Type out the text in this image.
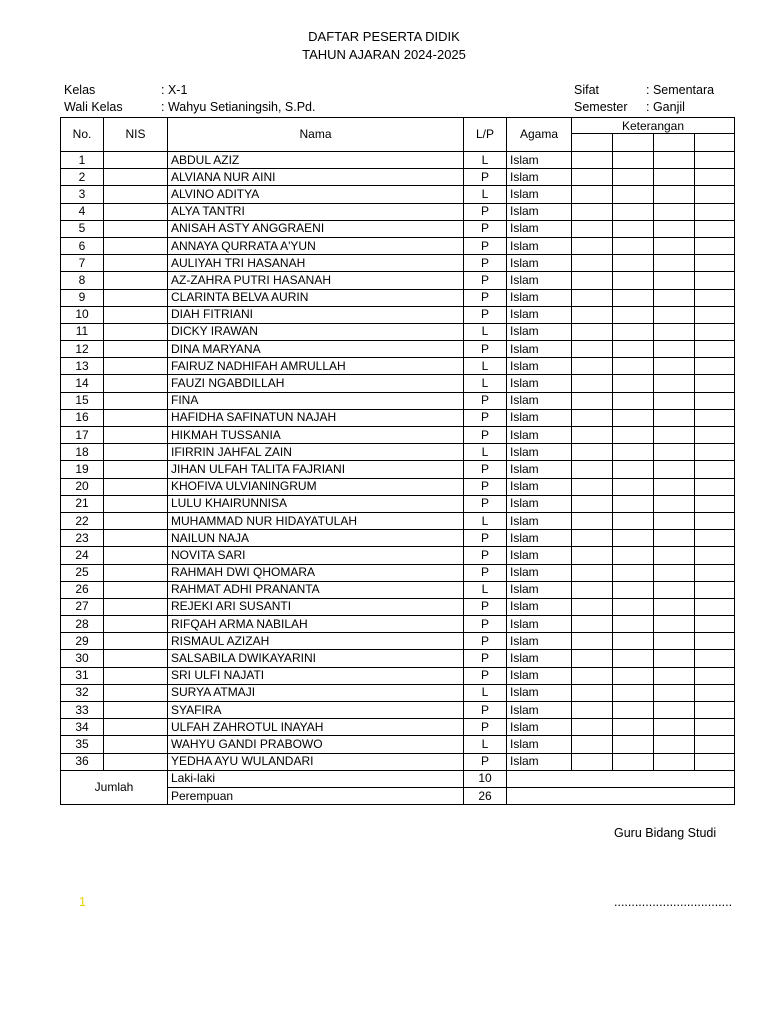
DAFTAR PESERTA DIDIK
TAHUN AJARAN 2024-2025
Kelas	: X-1
Wali Kelas	: Wahyu Setianingsih, S.Pd.
Sifat	: Sementara
Semester : Ganjil
No.	NIS	Nama	L/P	Agama	Keterangan			

1		ABDUL AZIZ	L	Islam				
2		ALVIANA NUR AINI	P	Islam				
3		ALVINO ADITYA	L	Islam				
4		ALYA TANTRI	P	Islam				
5		ANISAH ASTY ANGGRAENI	P	Islam				
6		ANNAYA QURRATA A'YUN	P	Islam				
7		AULIYAH TRI HASANAH	P	Islam				
8		AZ-ZAHRA PUTRI HASANAH	P	Islam				
9		CLARINTA BELVA AURIN	P	Islam				
10		DIAH FITRIANI	P	Islam				
11		DICKY IRAWAN	L	Islam				
12		DINA MARYANA	P	Islam				
13		FAIRUZ NADHIFAH AMRULLAH	L	Islam				
14		FAUZI NGABDILLAH	L	Islam				
15		FINA	P	Islam				
16		HAFIDHA SAFINATUN NAJAH	P	Islam				
17		HIKMAH TUSSANIA	P	Islam				
18		IFIRRIN JAHFAL ZAIN	L	Islam				
19		JIHAN ULFAH TALITA FAJRIANI	P	Islam				
20		KHOFIVA ULVIANINGRUM	P	Islam				
21		LULU KHAIRUNNISA	P	Islam				
22		MUHAMMAD NUR HIDAYATULAH	L	Islam				
23		NAILUN NAJA	P	Islam				
24		NOVITA SARI	P	Islam				
25		RAHMAH DWI QHOMARA	P	Islam				
26		RAHMAT ADHI PRANANTA	L	Islam				
27		REJEKI ARI SUSANTI	P	Islam				
28		RIFQAH ARMA NABILAH	P	Islam				
29		RISMAUL AZIZAH	P	Islam				
30		SALSABILA DWIKAYARINI	P	Islam				
31		SRI ULFI NAJATI	P	Islam				
32		SURYA ATMAJI	L	Islam				
33		SYAFIRA	P	Islam				
34		ULFAH ZAHROTUL INAYAH	P	Islam				
35		WAHYU GANDI PRABOWO	L	Islam				
36		YEDHA AYU WULANDARI	P	Islam				
Jumlah		Laki-laki	10					
		Perempuan	26					
Guru Bidang Studi
..................................
1
